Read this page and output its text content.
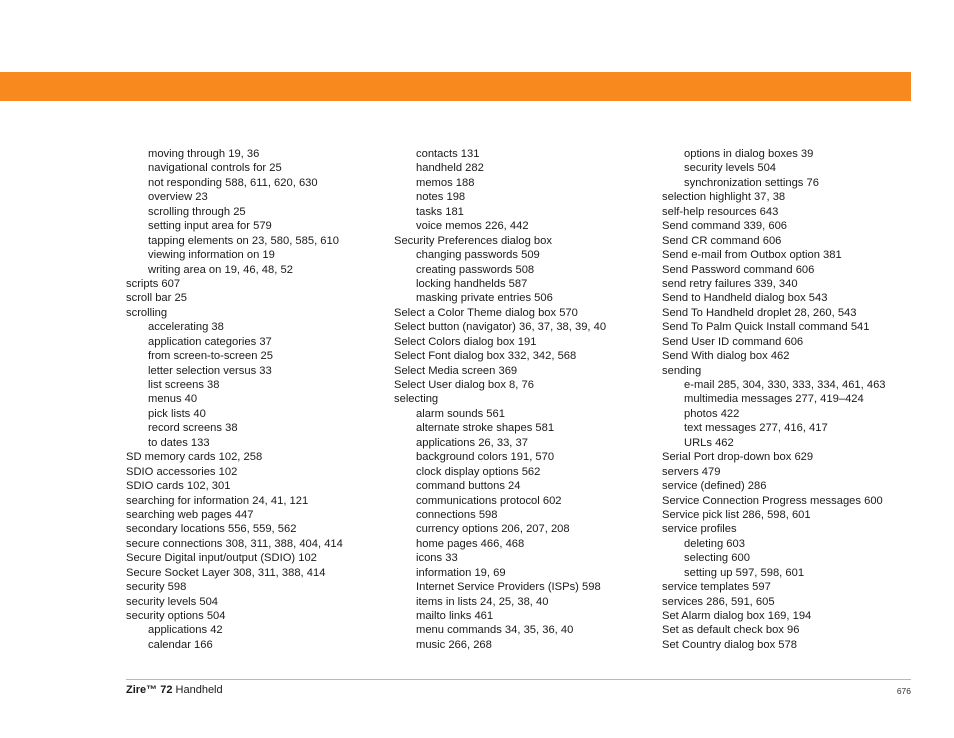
moving through 19, 36
navigational controls for 25
not responding 588, 611, 620, 630
overview 23
scrolling through 25
setting input area for 579
tapping elements on 23, 580, 585, 610
viewing information on 19
writing area on 19, 46, 48, 52
scripts 607
scroll bar 25
scrolling
accelerating 38
application categories 37
from screen-to-screen 25
letter selection versus 33
list screens 38
menus 40
pick lists 40
record screens 38
to dates 133
SD memory cards 102, 258
SDIO accessories 102
SDIO cards 102, 301
searching for information 24, 41, 121
searching web pages 447
secondary locations 556, 559, 562
secure connections 308, 311, 388, 404, 414
Secure Digital input/output (SDIO) 102
Secure Socket Layer 308, 311, 388, 414
security 598
security levels 504
security options 504
applications 42
calendar 166
contacts 131
handheld 282
memos 188
notes 198
tasks 181
voice memos 226, 442
Security Preferences dialog box
changing passwords 509
creating passwords 508
locking handhelds 587
masking private entries 506
Select a Color Theme dialog box 570
Select button (navigator) 36, 37, 38, 39, 40
Select Colors dialog box 191
Select Font dialog box 332, 342, 568
Select Media screen 369
Select User dialog box 8, 76
selecting
alarm sounds 561
alternate stroke shapes 581
applications 26, 33, 37
background colors 191, 570
clock display options 562
command buttons 24
communications protocol 602
connections 598
currency options 206, 207, 208
home pages 466, 468
icons 33
information 19, 69
Internet Service Providers (ISPs) 598
items in lists 24, 25, 38, 40
mailto links 461
menu commands 34, 35, 36, 40
music 266, 268
options in dialog boxes 39
security levels 504
synchronization settings 76
selection highlight 37, 38
self-help resources 643
Send command 339, 606
Send CR command 606
Send e-mail from Outbox option 381
Send Password command 606
send retry failures 339, 340
Send to Handheld dialog box 543
Send To Handheld droplet 28, 260, 543
Send To Palm Quick Install command 541
Send User ID command 606
Send With dialog box 462
sending
e-mail 285, 304, 330, 333, 334, 461, 463
multimedia messages 277, 419–424
photos 422
text messages 277, 416, 417
URLs 462
Serial Port drop-down box 629
servers 479
service (defined) 286
Service Connection Progress messages 600
Service pick list 286, 598, 601
service profiles
deleting 603
selecting 600
setting up 597, 598, 601
service templates 597
services 286, 591, 605
Set Alarm dialog box 169, 194
Set as default check box 96
Set Country dialog box 578
Zire™ 72 Handheld	676
